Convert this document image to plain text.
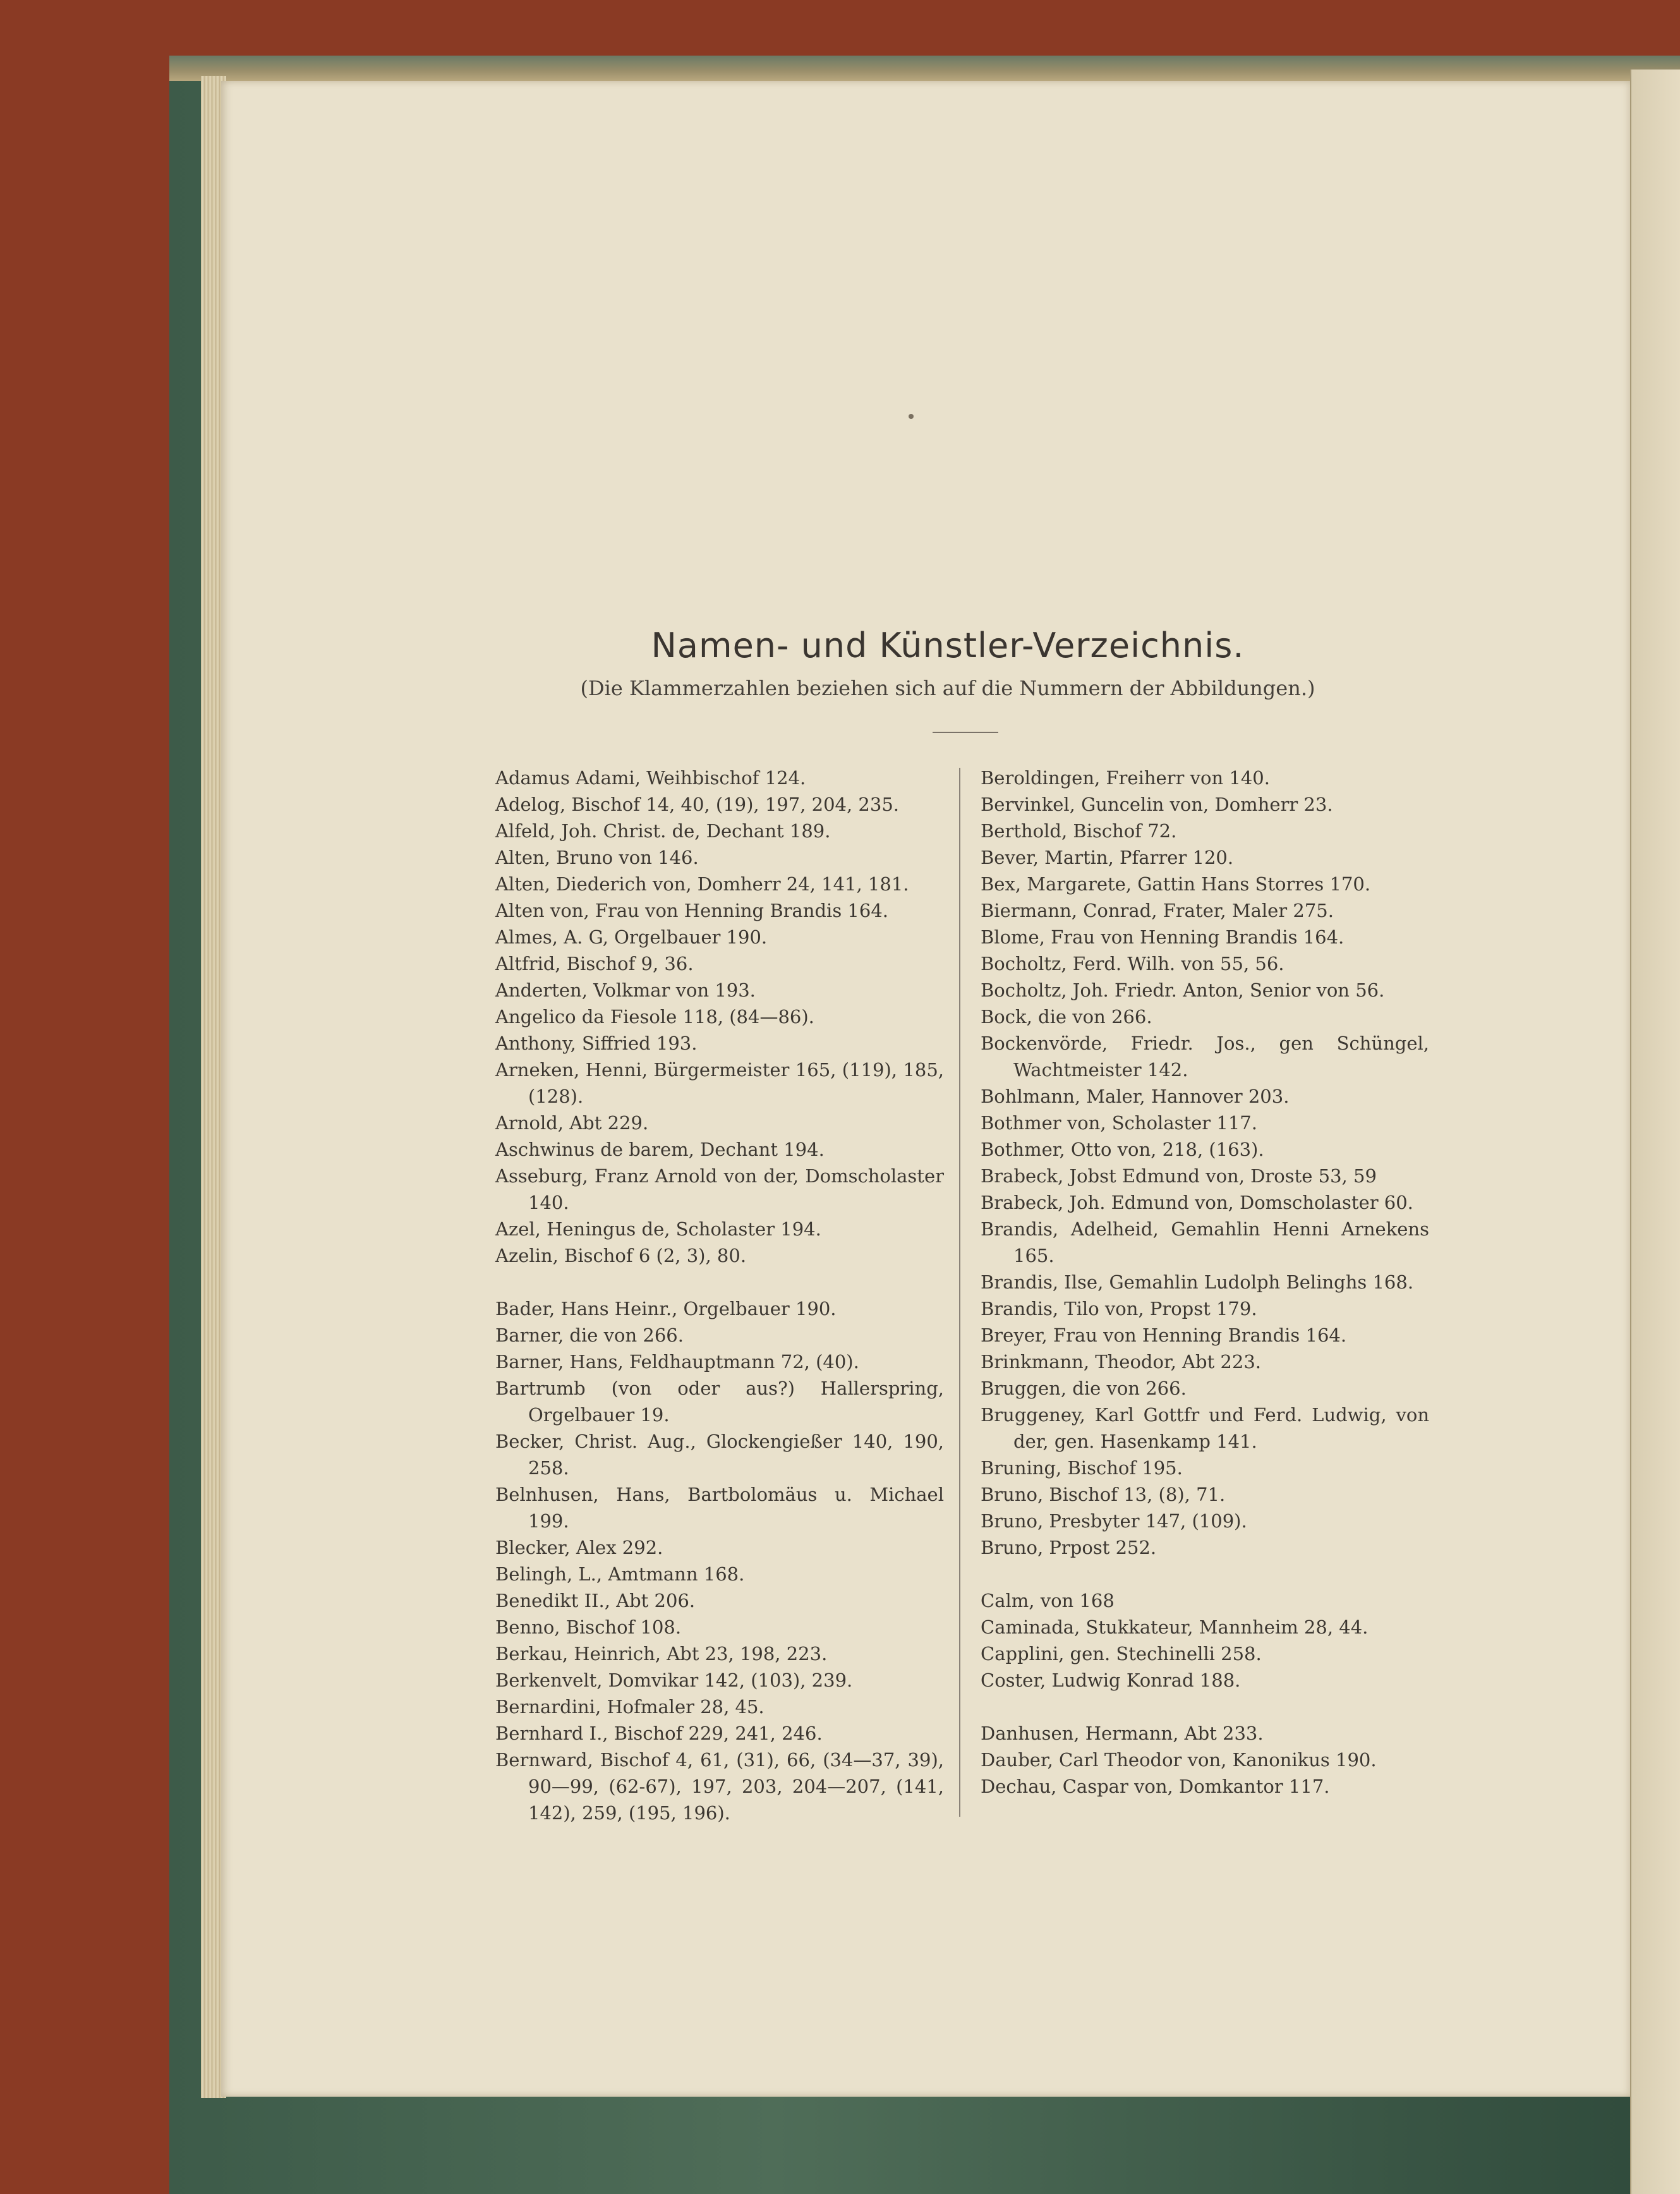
Namen- und Künstler-Verzeichnis.
(Die Klammerzahlen beziehen sich auf die Nummern der Abbildungen.)
Adamus Adami, Weihbischof 124.
Adelog, Bischof 14, 40, (19), 197, 204, 235.
Alfeld, Joh. Christ. de, Dechant 189.
Alten, Bruno von 146.
Alten, Diederich von, Domherr 24, 141, 181.
Alten von, Frau von Henning Brandis 164.
Almes, A. G, Orgelbauer 190.
Altfrid, Bischof 9, 36.
Anderten, Volkmar von 193.
Angelico da Fiesole 118, (84—86).
Anthony, Siffried 193.
Arneken, Henni, Bürgermeister 165, (119), 185, (128).
Arnold, Abt 229.
Aschwinus de barem, Dechant 194.
Asseburg, Franz Arnold von der, Domscholaster 140.
Azel, Heningus de, Scholaster 194.
Azelin, Bischof 6 (2, 3), 80.
Bader, Hans Heinr., Orgelbauer 190.
Barner, die von 266.
Barner, Hans, Feldhauptmann 72, (40).
Bartrumb (von oder aus?) Hallerspring, Orgelbauer 19.
Becker, Christ. Aug., Glockengießer 140, 190, 258.
Belnhusen, Hans, Bartbolomäus u. Michael 199.
Blecker, Alex 292.
Belingh, L., Amtmann 168.
Benedikt II., Abt 206.
Benno, Bischof 108.
Berkau, Heinrich, Abt 23, 198, 223.
Berkenvelt, Domvikar 142, (103), 239.
Bernardini, Hofmaler 28, 45.
Bernhard I., Bischof 229, 241, 246.
Bernward, Bischof 4, 61, (31), 66, (34—37, 39), 90—99, (62-67), 197, 203, 204—207, (141, 142), 259, (195, 196).
Beroldingen, Freiherr von 140.
Bervinkel, Guncelin von, Domherr 23.
Berthold, Bischof 72.
Bever, Martin, Pfarrer 120.
Bex, Margarete, Gattin Hans Storres 170.
Biermann, Conrad, Frater, Maler 275.
Blome, Frau von Henning Brandis 164.
Bocholtz, Ferd. Wilh. von 55, 56.
Bocholtz, Joh. Friedr. Anton, Senior von 56.
Bock, die von 266.
Bockenvörde, Friedr. Jos., gen Schüngel, Wachtmeister 142.
Bohlmann, Maler, Hannover 203.
Bothmer von, Scholaster 117.
Bothmer, Otto von, 218, (163).
Brabeck, Jobst Edmund von, Droste 53, 59
Brabeck, Joh. Edmund von, Domscholaster 60.
Brandis, Adelheid, Gemahlin Henni Arnekens 165.
Brandis, Ilse, Gemahlin Ludolph Belinghs 168.
Brandis, Tilo von, Propst 179.
Breyer, Frau von Henning Brandis 164.
Brinkmann, Theodor, Abt 223.
Bruggen, die von 266.
Bruggeney, Karl Gottfr und Ferd. Ludwig, von der, gen. Hasenkamp 141.
Bruning, Bischof 195.
Bruno, Bischof 13, (8), 71.
Bruno, Presbyter 147, (109).
Bruno, Prpost 252.
Calm, von 168
Caminada, Stukkateur, Mannheim 28, 44.
Capplini, gen. Stechinelli 258.
Coster, Ludwig Konrad 188.
Danhusen, Hermann, Abt 233.
Dauber, Carl Theodor von, Kanonikus 190.
Dechau, Caspar von, Domkantor 117.
